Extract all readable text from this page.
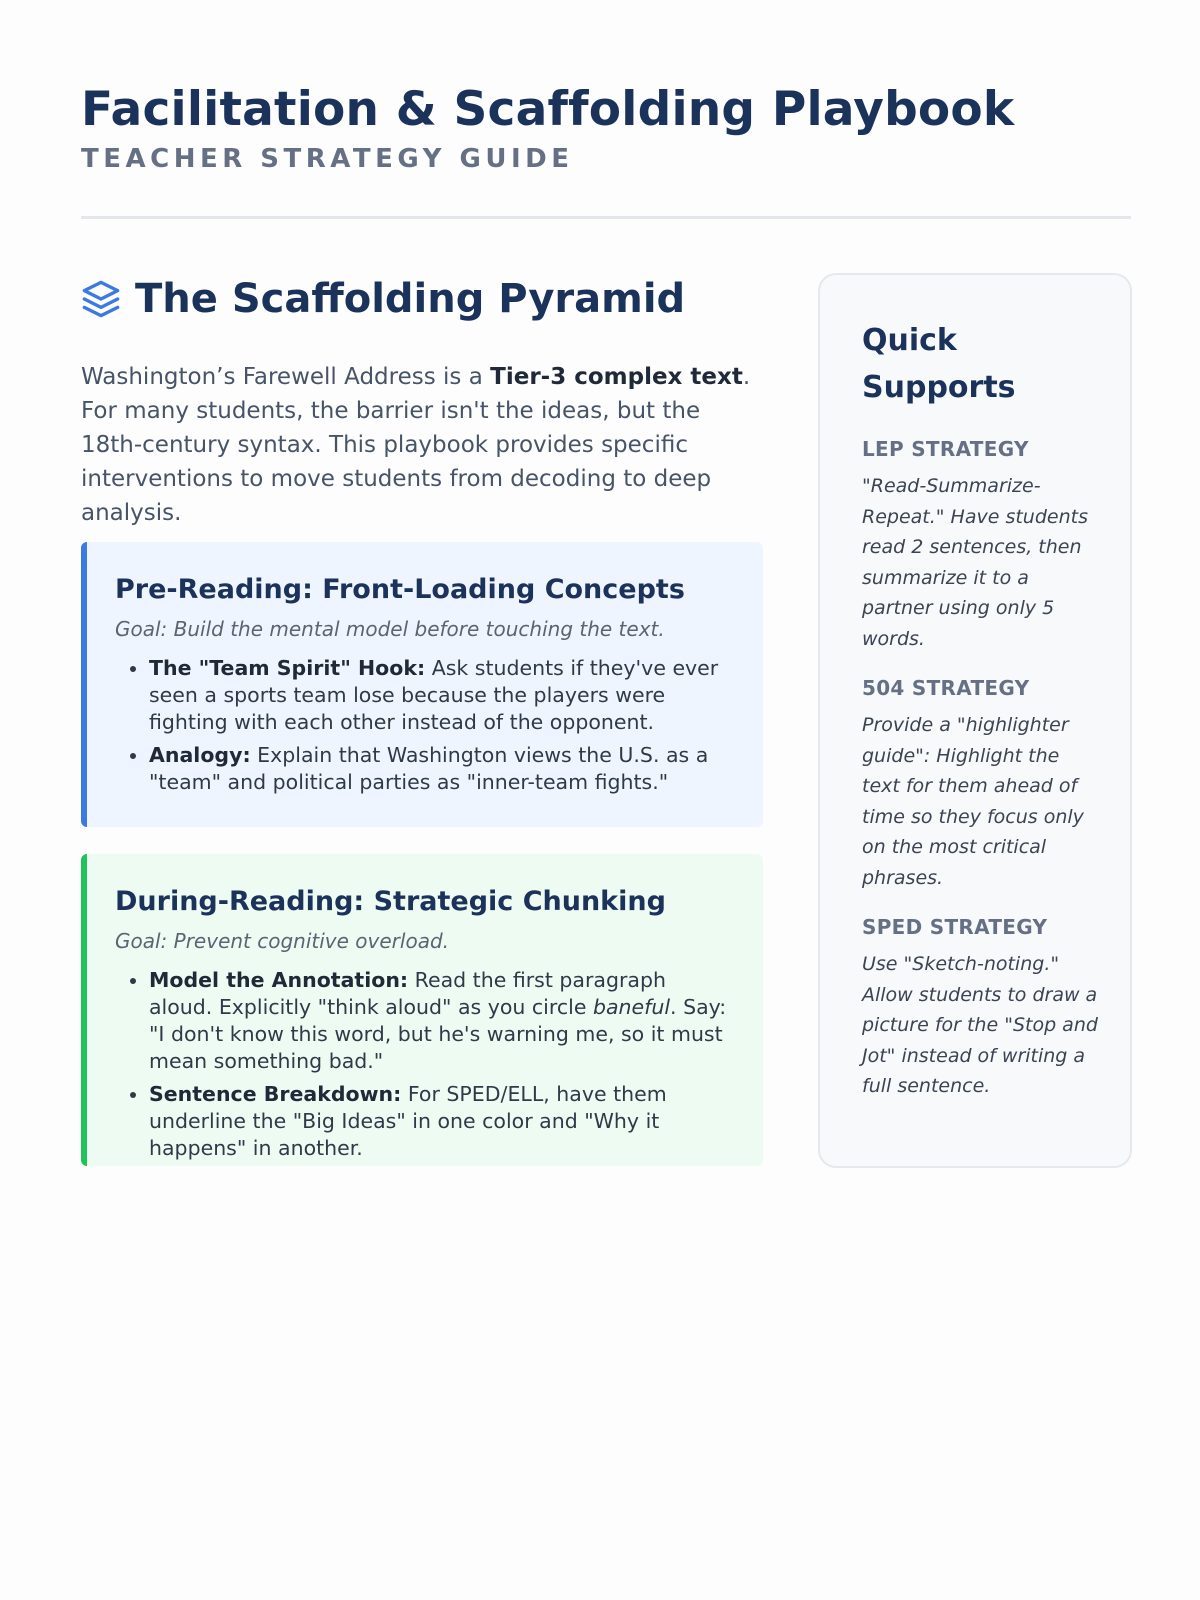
Facilitation & Scaffolding Playbook
TEACHER STRATEGY GUIDE
The Scaffolding Pyramid

Washington’s Farewell Address is a Tier-3 complex text. For many students, the barrier isn't the ideas, but the 18th-century syntax. This playbook provides specific interventions to move students from decoding to deep analysis.

Pre-Reading: Front-Loading Concepts
Goal: Build the mental model before touching the text.
• The "Team Spirit" Hook: Ask students if they've ever seen a sports team lose because the players were fighting with each other instead of the opponent.
• Analogy: Explain that Washington views the U.S. as a "team" and political parties as "inner-team fights."
During-Reading: Strategic Chunking
Goal: Prevent cognitive overload.
• Model the Annotation: Read the first paragraph aloud. Explicitly "think aloud" as you circle baneful. Say: "I don't know this word, but he's warning me, so it must mean something bad."
• Sentence Breakdown: For SPED/ELL, have them underline the "Big Ideas" in one color and "Why it happens" in another.
Quick Supports
LEP STRATEGY
"Read-Summarize-Repeat." Have students read 2 sentences, then summarize it to a partner using only 5 words.
504 STRATEGY
Provide a "highlighter guide": Highlight the text for them ahead of time so they focus only on the most critical phrases.
SPED STRATEGY
Use "Sketch-noting." Allow students to draw a picture for the "Stop and Jot" instead of writing a full sentence.
